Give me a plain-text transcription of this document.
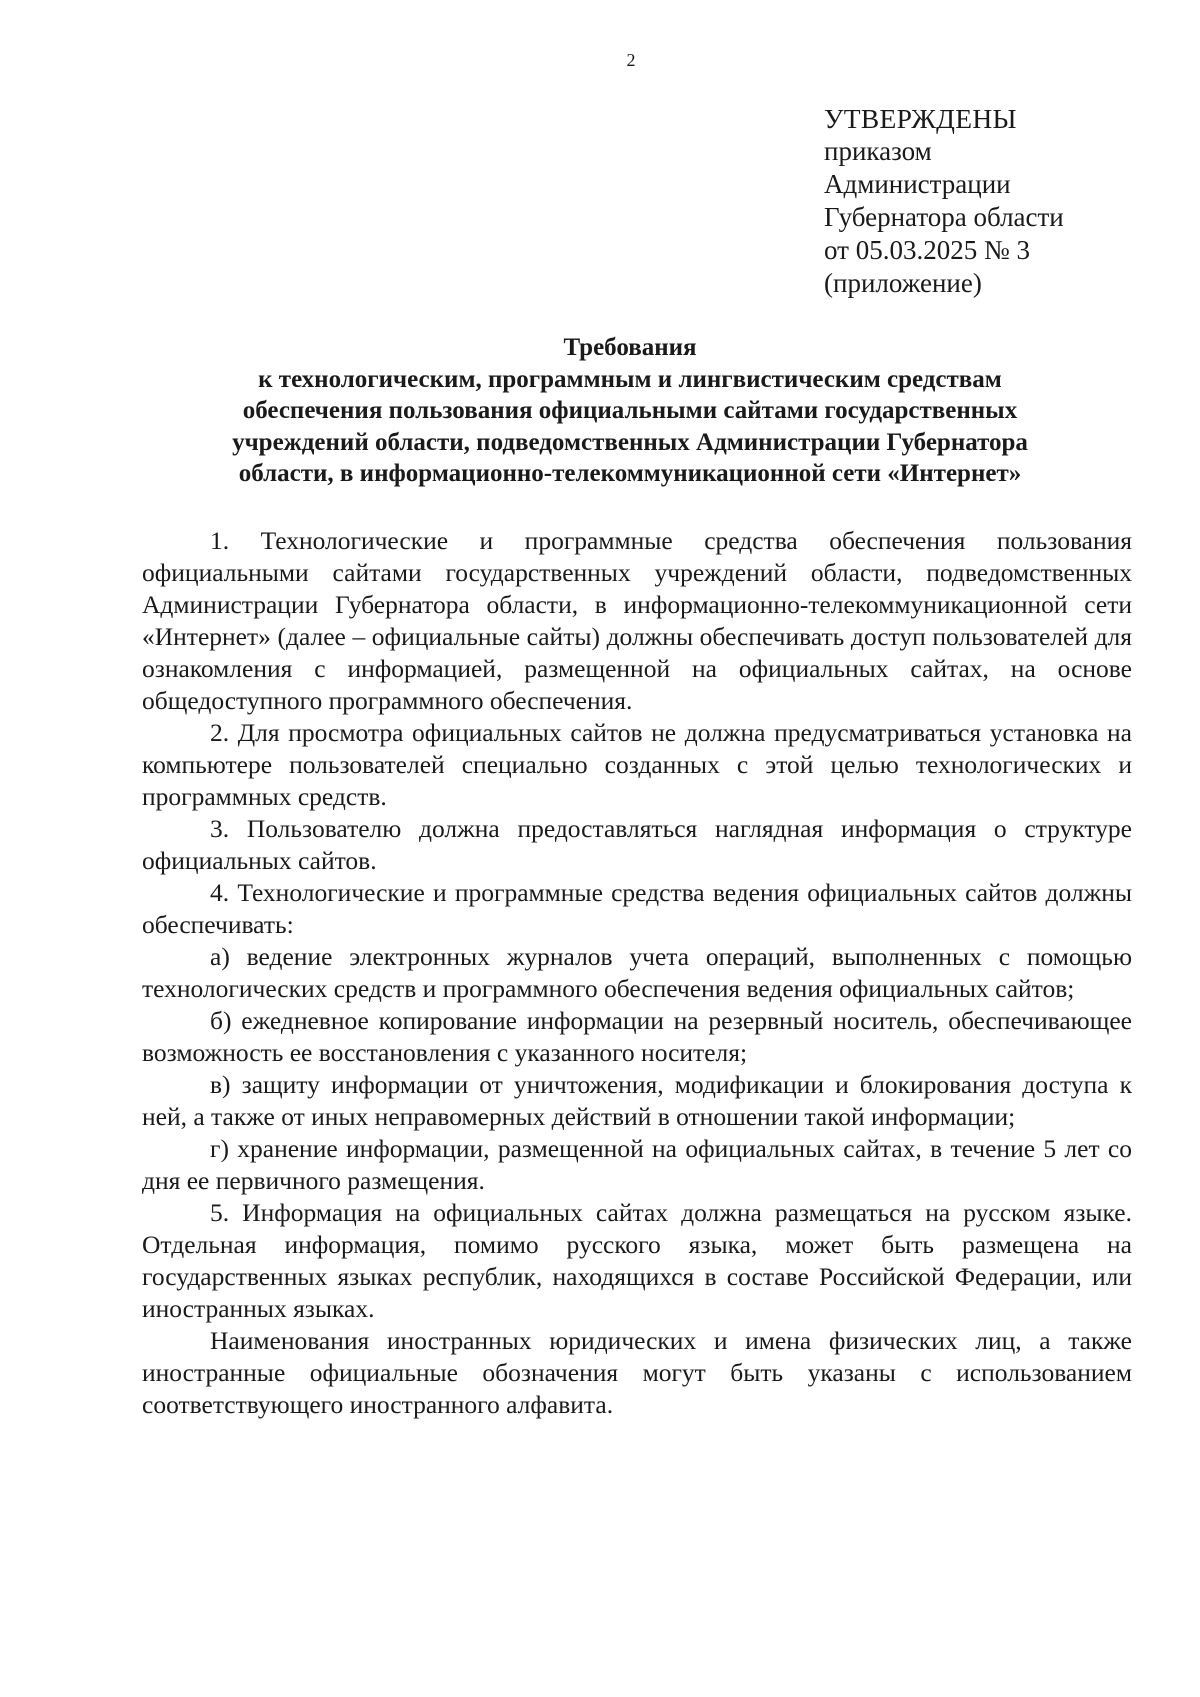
2
УТВЕРЖДЕНЫ
приказом
Администрации
Губернатора области
от 05.03.2025 № 3
(приложение)
Требования
к технологическим, программным и лингвистическим средствам
обеспечения пользования официальными сайтами государственных
учреждений области, подведомственных Администрации Губернатора
области, в информационно-телекоммуникационной сети «Интернет»

1. Технологические и программные средства обеспечения пользования официальными сайтами государственных учреждений области, подведомственных Администрации Губернатора области, в информационно-телекоммуникационной сети «Интернет» (далее – официальные сайты) должны обеспечивать доступ пользователей для ознакомления с информацией, размещенной на официальных сайтах, на основе общедоступного программного обеспечения.

2. Для просмотра официальных сайтов не должна предусматриваться установка на компьютере пользователей специально созданных с этой целью технологических и программных средств.

3. Пользователю должна предоставляться наглядная информация о структуре официальных сайтов.

4. Технологические и программные средства ведения официальных сайтов должны обеспечивать:

а) ведение электронных журналов учета операций, выполненных с помощью технологических средств и программного обеспечения ведения официальных сайтов;

б) ежедневное копирование информации на резервный носитель, обеспечивающее возможность ее восстановления с указанного носителя;

в) защиту информации от уничтожения, модификации и блокирования доступа к ней, а также от иных неправомерных действий в отношении такой информации;

г) хранение информации, размещенной на официальных сайтах, в течение 5 лет со дня ее первичного размещения.

5. Информация на официальных сайтах должна размещаться на русском языке. Отдельная информация, помимо русского языка, может быть размещена на государственных языках республик, находящихся в составе Российской Федерации, или иностранных языках.

Наименования иностранных юридических и имена физических лиц, а также иностранные официальные обозначения могут быть указаны с использованием соответствующего иностранного алфавита.
